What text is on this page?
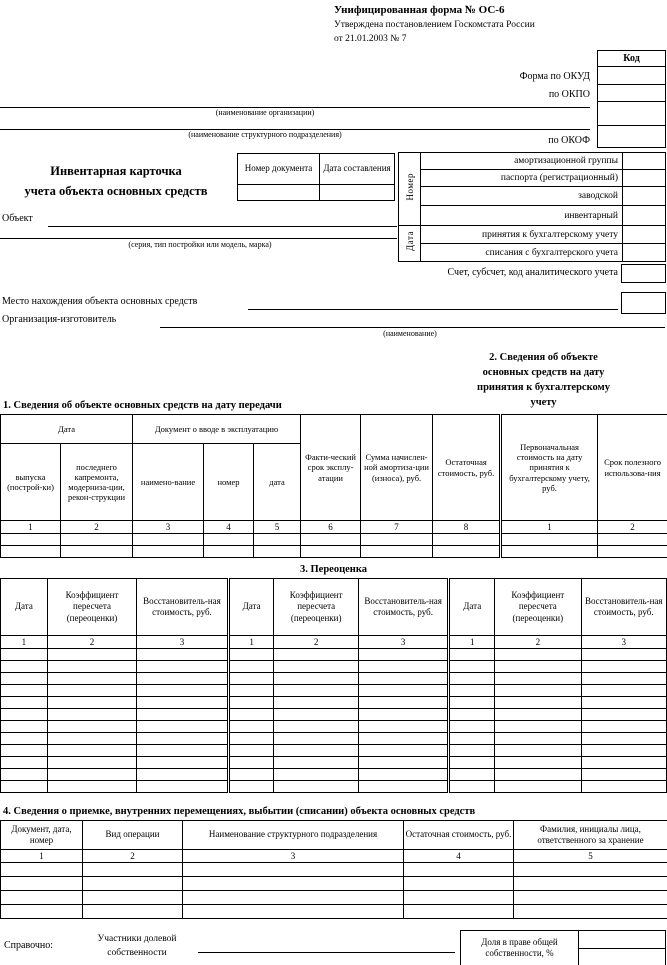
Унифицированная форма № ОС-6
Утверждена постановлением Госкомстата России
от 21.01.2003 № 7
Код

Форма по ОКУД
по ОКПО
по ОКОФ
(наименование организации)
(наименование структурного подразделения)
Инвентарная карточка
учета объекта основных средств
Номер документа	Дата составления

Объект
(серия, тип постройки или модель, марка)
Номер	амортизационной группы	
	паспорта (регистрационный)	
	заводской	
	инвентарный	
Дата	принятия к бухгалтерскому учету	
	списания с бухгалтерского учета	
Счет, субсчет, код аналитического учета
Место нахождения объекта основных средств
Организация-изготовитель
(наименование)
2. Сведения об объекте
основных средств на дату
принятия к бухгалтерскому
учету
1. Сведения об объекте основных средств на дату передачи
Дата		Документ о вводе в эксплуатацию			Факти-ческий срок эксплу-атации	Сумма начислен-ной амортиза-ции (износа), руб.	Остаточная стоимость, руб.	Первоначальная стоимость на дату принятия к бухгалтерскому учету, руб.	Срок полезного использова-ния
выпуска (построй-ки)	последнего капремонта, модерниза-ции, рекон-струкции	наимено-вание	номер	дата					
1	2	3	4	5	6	7	8	1	2

3. Переоценка
Дата	Коэффициент пересчета (переоценки)	Восстановитель-ная стоимость, руб.	Дата	Коэффициент пересчета (переоценки)	Восстановитель-ная стоимость, руб.	Дата	Коэффициент пересчета (переоценки)	Восстановитель-ная стоимость, руб.
1	2	3	1	2	3	1	2	3

4. Сведения о приемке, внутренних перемещениях, выбытии (списании) объекта основных средств
Документ, дата, номер	Вид операции	Наименование структурного подразделения	Остаточная стоимость, руб.	Фамилия, инициалы лица, ответственного за хранение
1	2	3	4	5

Справочно:
Участники долевой собственности
Доля в праве общей собственности, %	
